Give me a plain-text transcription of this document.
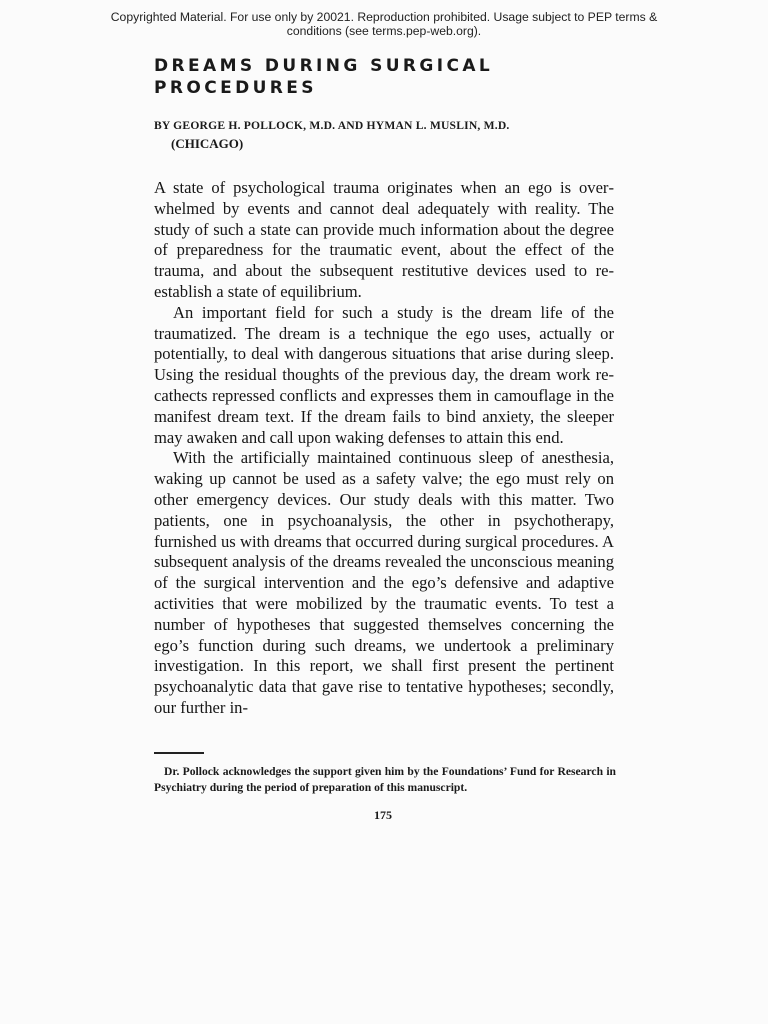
Copyrighted Material. For use only by 20021. Reproduction prohibited. Usage subject to PEP terms &
conditions (see terms.pep-web.org).
DREAMS DURING SURGICAL
PROCEDURES
BY GEORGE H. POLLOCK, M.D. AND HYMAN L. MUSLIN, M.D.
(CHICAGO)

A state of psychological trauma originates when an ego is overwhelmed by events and cannot deal adequately with reality. The study of such a state can provide much information about the degree of preparedness for the traumatic event, about the effect of the trauma, and about the subsequent restitutive devices used to re-establish a state of equilibrium.

An important field for such a study is the dream life of the traumatized. The dream is a technique the ego uses, actually or potentially, to deal with dangerous situations that arise during sleep. Using the residual thoughts of the previous day, the dream work re-cathects repressed conflicts and expresses them in camouflage in the manifest dream text. If the dream fails to bind anxiety, the sleeper may awaken and call upon waking defenses to attain this end.

With the artificially maintained continuous sleep of anesthesia, waking up cannot be used as a safety valve; the ego must rely on other emergency devices. Our study deals with this matter. Two patients, one in psychoanalysis, the other in psychotherapy, furnished us with dreams that occurred during surgical procedures. A subsequent analysis of the dreams revealed the unconscious meaning of the surgical intervention and the ego’s defensive and adaptive activities that were mobilized by the traumatic events. To test a number of hypotheses that suggested themselves concerning the ego’s function during such dreams, we undertook a preliminary investigation. In this report, we shall first present the pertinent psychoanalytic data that gave rise to tentative hypotheses; secondly, our further in-

Dr. Pollock acknowledges the support given him by the Foundations’ Fund for Research in Psychiatry during the period of preparation of this manuscript.
175
